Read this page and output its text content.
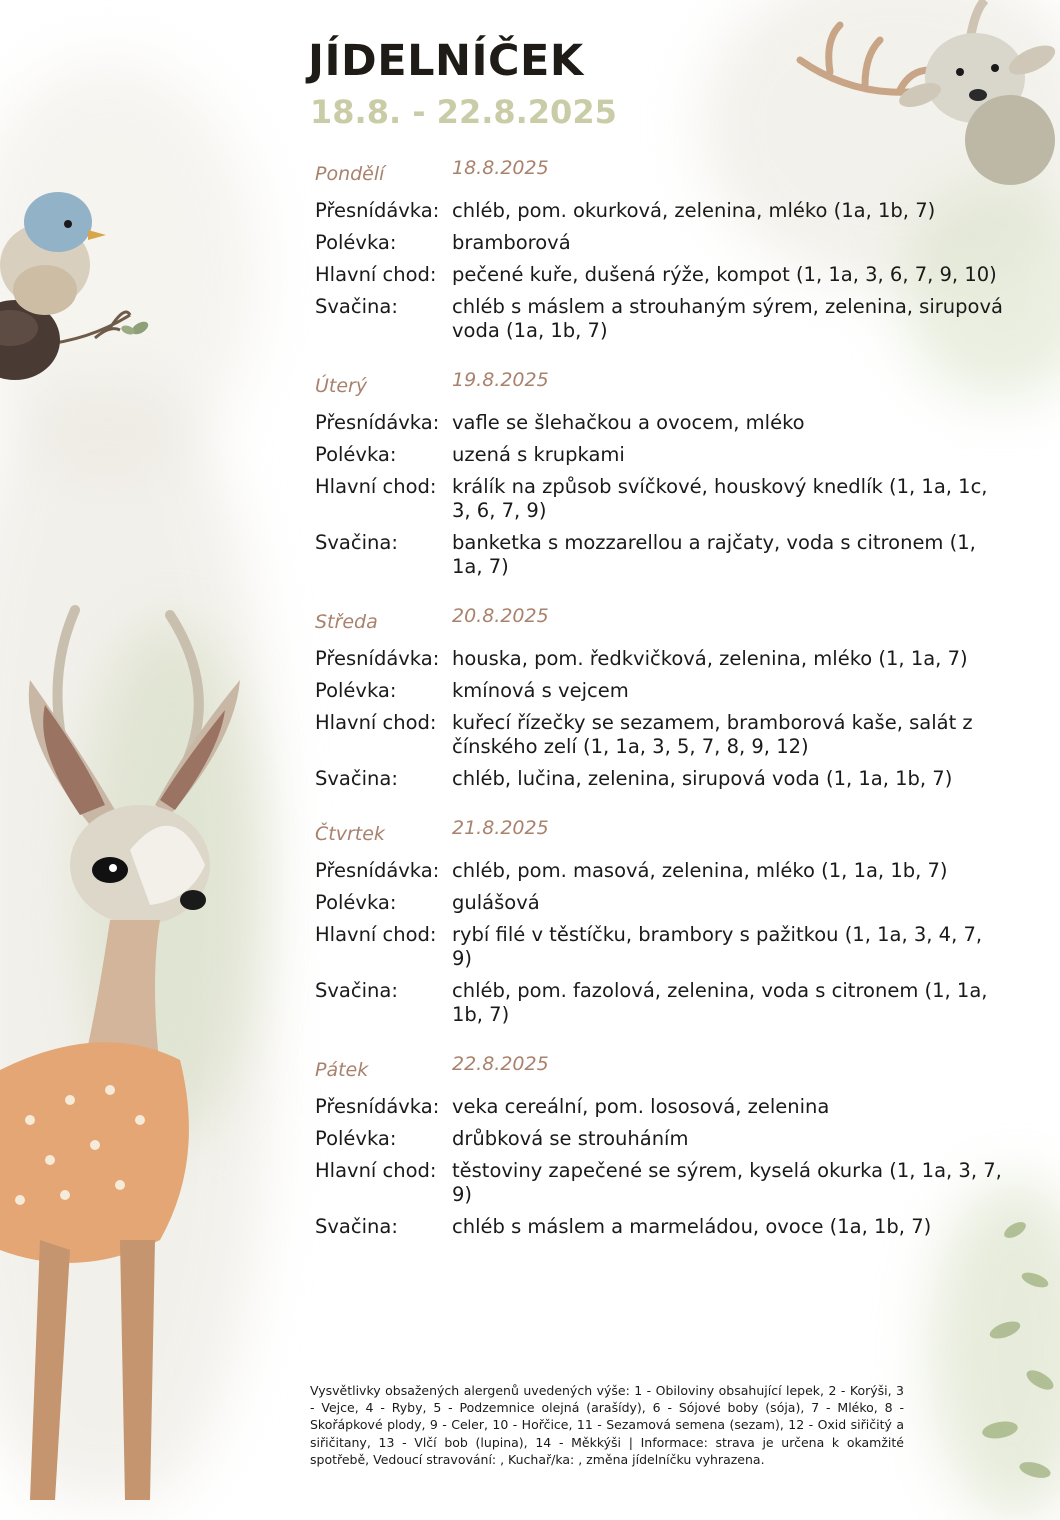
JÍDELNÍČEK
18.8. - 22.8.2025
Pondělí	18.8.2025
Přesnídávka: chléb, pom. okurková, zelenina, mléko (1a, 1b, 7)
Polévka:	bramborová
Hlavní chod: pečené kuře, dušená rýže, kompot (1, 1a, 3, 6, 7, 9, 10)
Svačina:	chléb s máslem a strouhaným sýrem, zelenina, sirupová voda (1a, 1b, 7)
Úterý	19.8.2025
Přesnídávka: vafle se šlehačkou a ovocem, mléko
Polévka:	uzená s krupkami
Hlavní chod: králík na způsob svíčkové, houskový knedlík (1, 1a, 1c, 3, 6, 7, 9)
Svačina:	banketka s mozzarellou a rajčaty, voda s citronem (1, 1a, 7)
Středa	20.8.2025
Přesnídávka: houska, pom. ředkvičková, zelenina, mléko (1, 1a, 7)
Polévka:	kmínová s vejcem
Hlavní chod: kuřecí řízečky se sezamem, bramborová kaše, salát z čínského zelí (1, 1a, 3, 5, 7, 8, 9, 12)
Svačina:	chléb, lučina, zelenina, sirupová voda (1, 1a, 1b, 7)
Čtvrtek	21.8.2025
Přesnídávka: chléb, pom. masová, zelenina, mléko (1, 1a, 1b, 7)
Polévka:	gulášová
Hlavní chod: rybí filé v těstíčku, brambory s pažitkou (1, 1a, 3, 4, 7, 9)
Svačina:	chléb, pom. fazolová, zelenina, voda s citronem (1, 1a, 1b, 7)
Pátek	22.8.2025
Přesnídávka: veka cereální, pom. lososová, zelenina
Polévka:	drůbková se strouháním
Hlavní chod: těstoviny zapečené se sýrem, kyselá okurka (1, 1a, 3, 7, 9)
Svačina:	chléb s máslem a marmeládou, ovoce (1a, 1b, 7)

Vysvětlivky obsažených alergenů uvedených výše: 1 - Obiloviny obsahující lepek, 2 - Korýši, 3 - Vejce, 4 - Ryby, 5 - Podzemnice olejná (arašídy), 6 - Sójové boby (sója), 7 - Mléko, 8 - Skořápkové plody, 9 - Celer, 10 - Hořčice, 11 - Sezamová semena (sezam), 12 - Oxid siřičitý a siřičitany, 13 - Vlčí bob (lupina), 14 - Měkkýši | Informace: strava je určena k okamžité spotřebě, Vedoucí stravování: , Kuchař/ka: , změna jídelníčku vyhrazena.
